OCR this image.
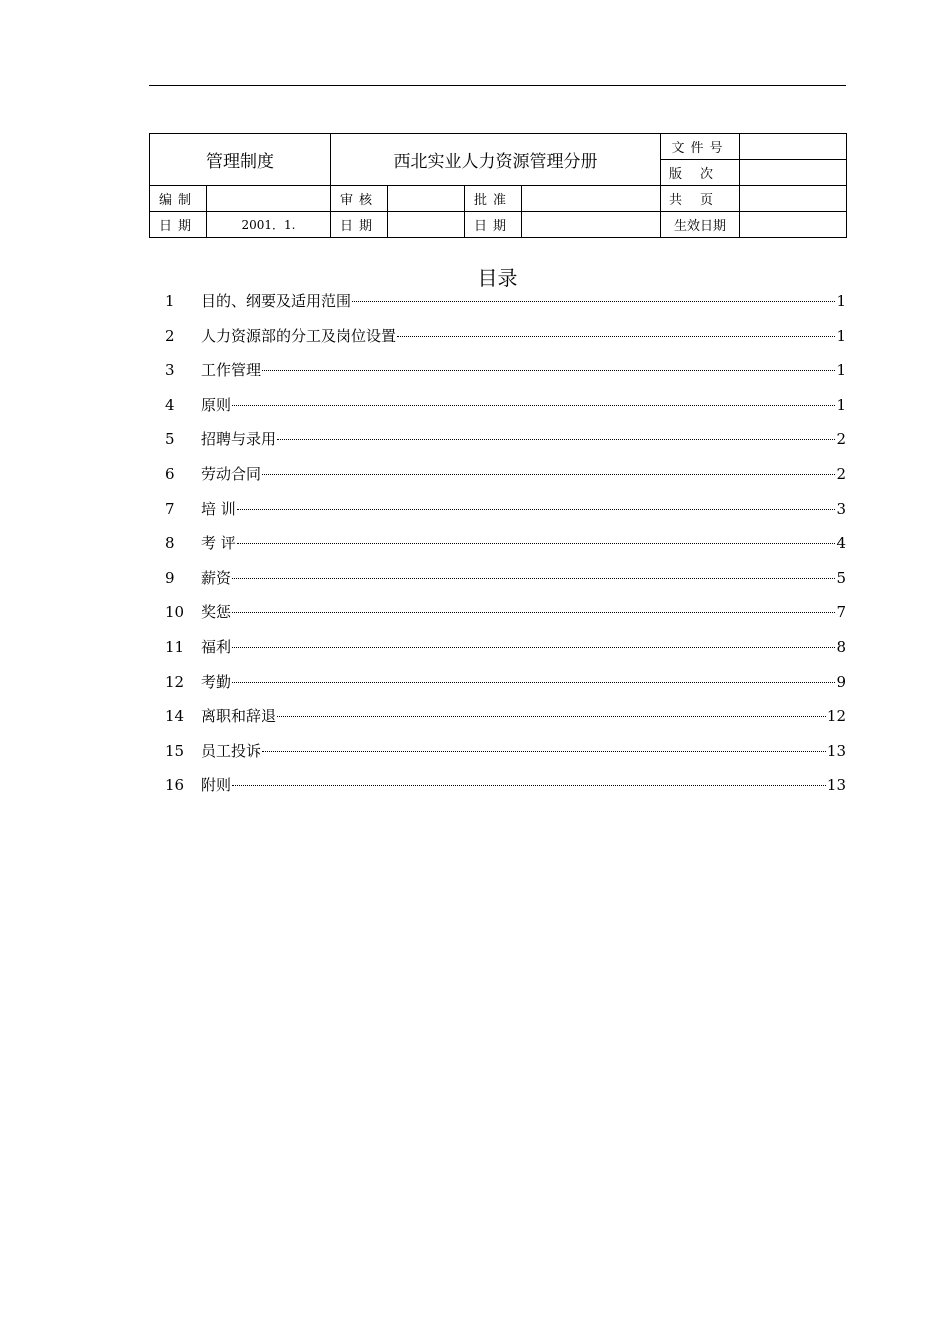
管理制度		西北实业人力资源管理分册				文件号	
						版次	
编制		审核		批准		共页	
日期	2001．1.	日期		日期		生效日期	
目录
1	目的、纲要及适用范围	1
2	人力资源部的分工及岗位设置	1
3	工作管理	1
4	原则	1
5	招聘与录用	2
6	劳动合同	2
7	培 训	3
8	考 评	4
9	薪资	5
10	奖惩	7
11	福利	8
12	考勤	9
14	离职和辞退	12
15	员工投诉	13
16	附则	13
